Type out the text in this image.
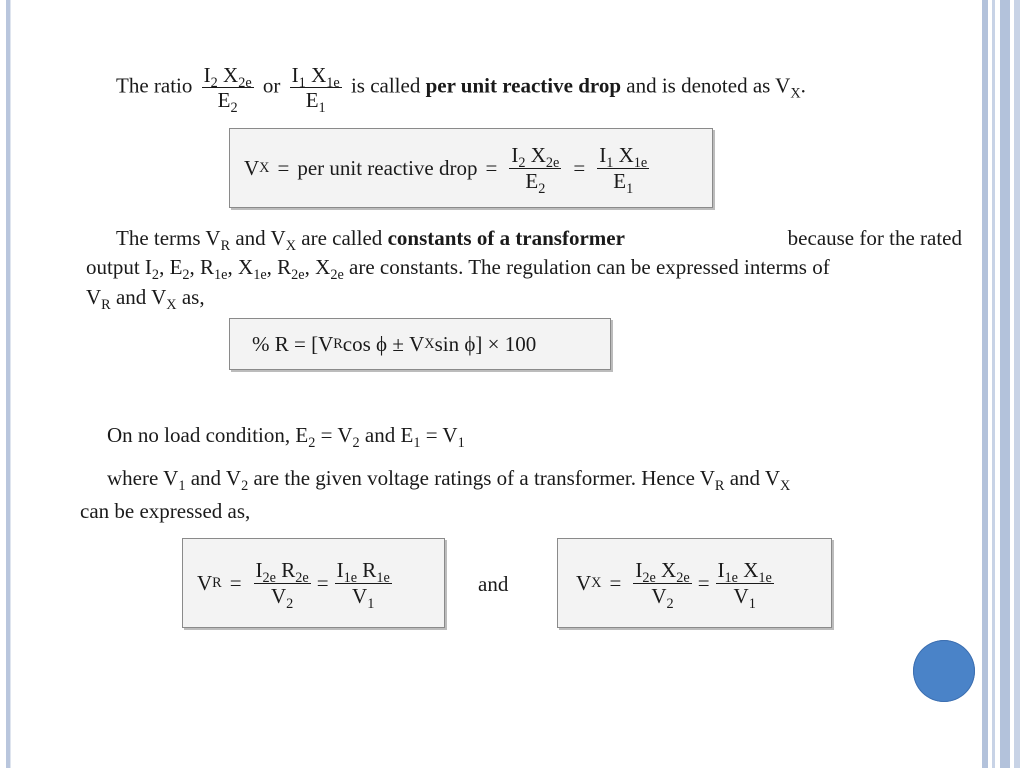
The ratio $\frac{I_2 X_{2e}}{E_2}$ or $\frac{I_1 X_{1e}}{E_1}$ is called per unit reactive drop and is denoted as $V_X$.
V X = per unit reactive drop = $\frac{I_2 X_{2e}}{E_2} = \frac{I_1 X_{1e}}{E_1}$
The terms $V_R$ and $V_X$ are called constants of a transformer	because for the rated
output $I_2$, $E_2$, $R_{1e}$, $X_{1e}$, $R_{2e}$, $X_{2e}$ are constants. The regulation can be expressed interms of
$V_R$ and $V_X$ as,
% R = [V R cos ϕ ± V X sin ϕ] × 100
On no load condition, $E_2 = V_2$ and $E_1 = V_1$
where $V_1$ and $V_2$ are the given voltage ratings of a transformer. Hence $V_R$ and $V_X$
can be expressed as,
V $R = \frac{I_{2e} R_{2e}}{V_2} = \frac{I_{1e} R_{1e}}{V_1}$	and	V $X = \frac{I_{2e} X_{2e}}{V_2} = \frac{I_{1e} X_{1e}}{V_1}$
